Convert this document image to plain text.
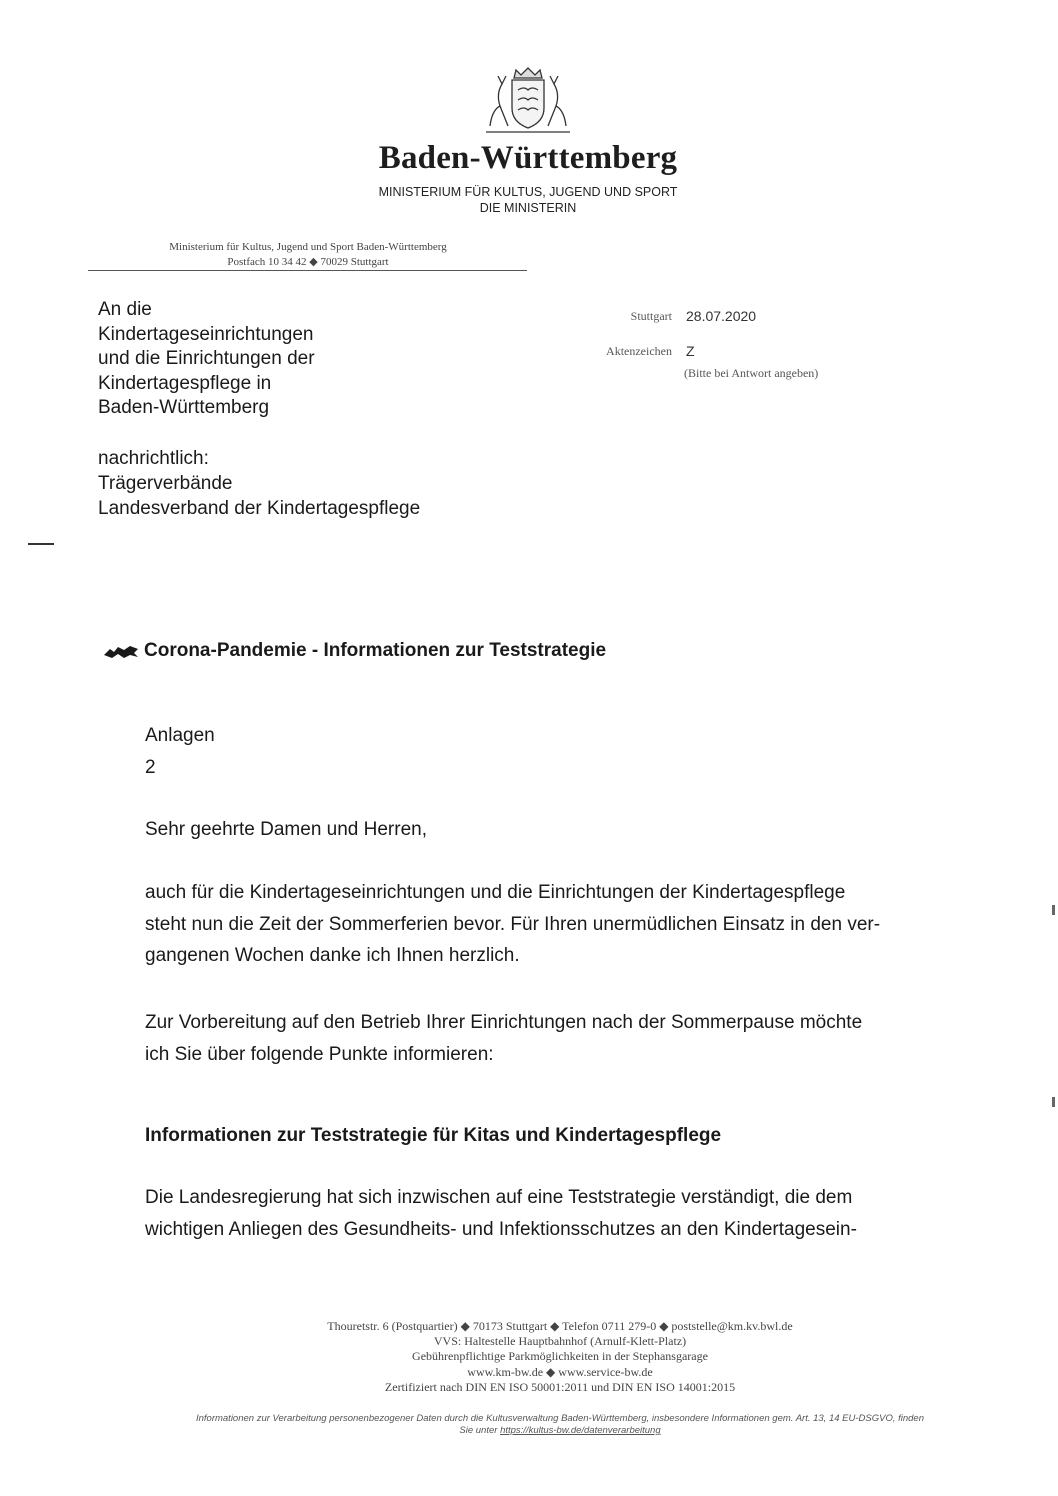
Baden-Württemberg
MINISTERIUM FÜR KULTUS, JUGEND UND SPORT
DIE MINISTERIN
Ministerium für Kultus, Jugend und Sport Baden-Württemberg
Postfach 10 34 42 ◆ 70029 Stuttgart
An die
Kindertageseinrichtungen
und die Einrichtungen der
Kindertagespflege in
Baden-Württemberg
nachrichtlich:
Trägerverbände
Landesverband der Kindertagespflege
Stuttgart 28.07.2020
Aktenzeichen Z
(Bitte bei Antwort angeben)
Corona-Pandemie - Informationen zur Teststrategie
Anlagen
2
Sehr geehrte Damen und Herren,
auch für die Kindertageseinrichtungen und die Einrichtungen der Kindertagespflege
steht nun die Zeit der Sommerferien bevor. Für Ihren unermüdlichen Einsatz in den ver-
gangenen Wochen danke ich Ihnen herzlich.
Zur Vorbereitung auf den Betrieb Ihrer Einrichtungen nach der Sommerpause möchte
ich Sie über folgende Punkte informieren:
Informationen zur Teststrategie für Kitas und Kindertagespflege
Die Landesregierung hat sich inzwischen auf eine Teststrategie verständigt, die dem
wichtigen Anliegen des Gesundheits- und Infektionsschutzes an den Kindertagesein-
Thouretstr. 6 (Postquartier) ◆ 70173 Stuttgart ◆ Telefon 0711 279-0 ◆ poststelle@km.kv.bwl.de
VVS: Haltestelle Hauptbahnhof (Arnulf-Klett-Platz)
Gebührenpflichtige Parkmöglichkeiten in der Stephansgarage
www.km-bw.de ◆ www.service-bw.de
Zertifiziert nach DIN EN ISO 50001:2011 und DIN EN ISO 14001:2015
Informationen zur Verarbeitung personenbezogener Daten durch die Kultusverwaltung Baden-Württemberg, insbesondere Informationen gem. Art. 13, 14 EU-DSGVO, finden
Sie unter https://kultus-bw.de/datenverarbeitung
